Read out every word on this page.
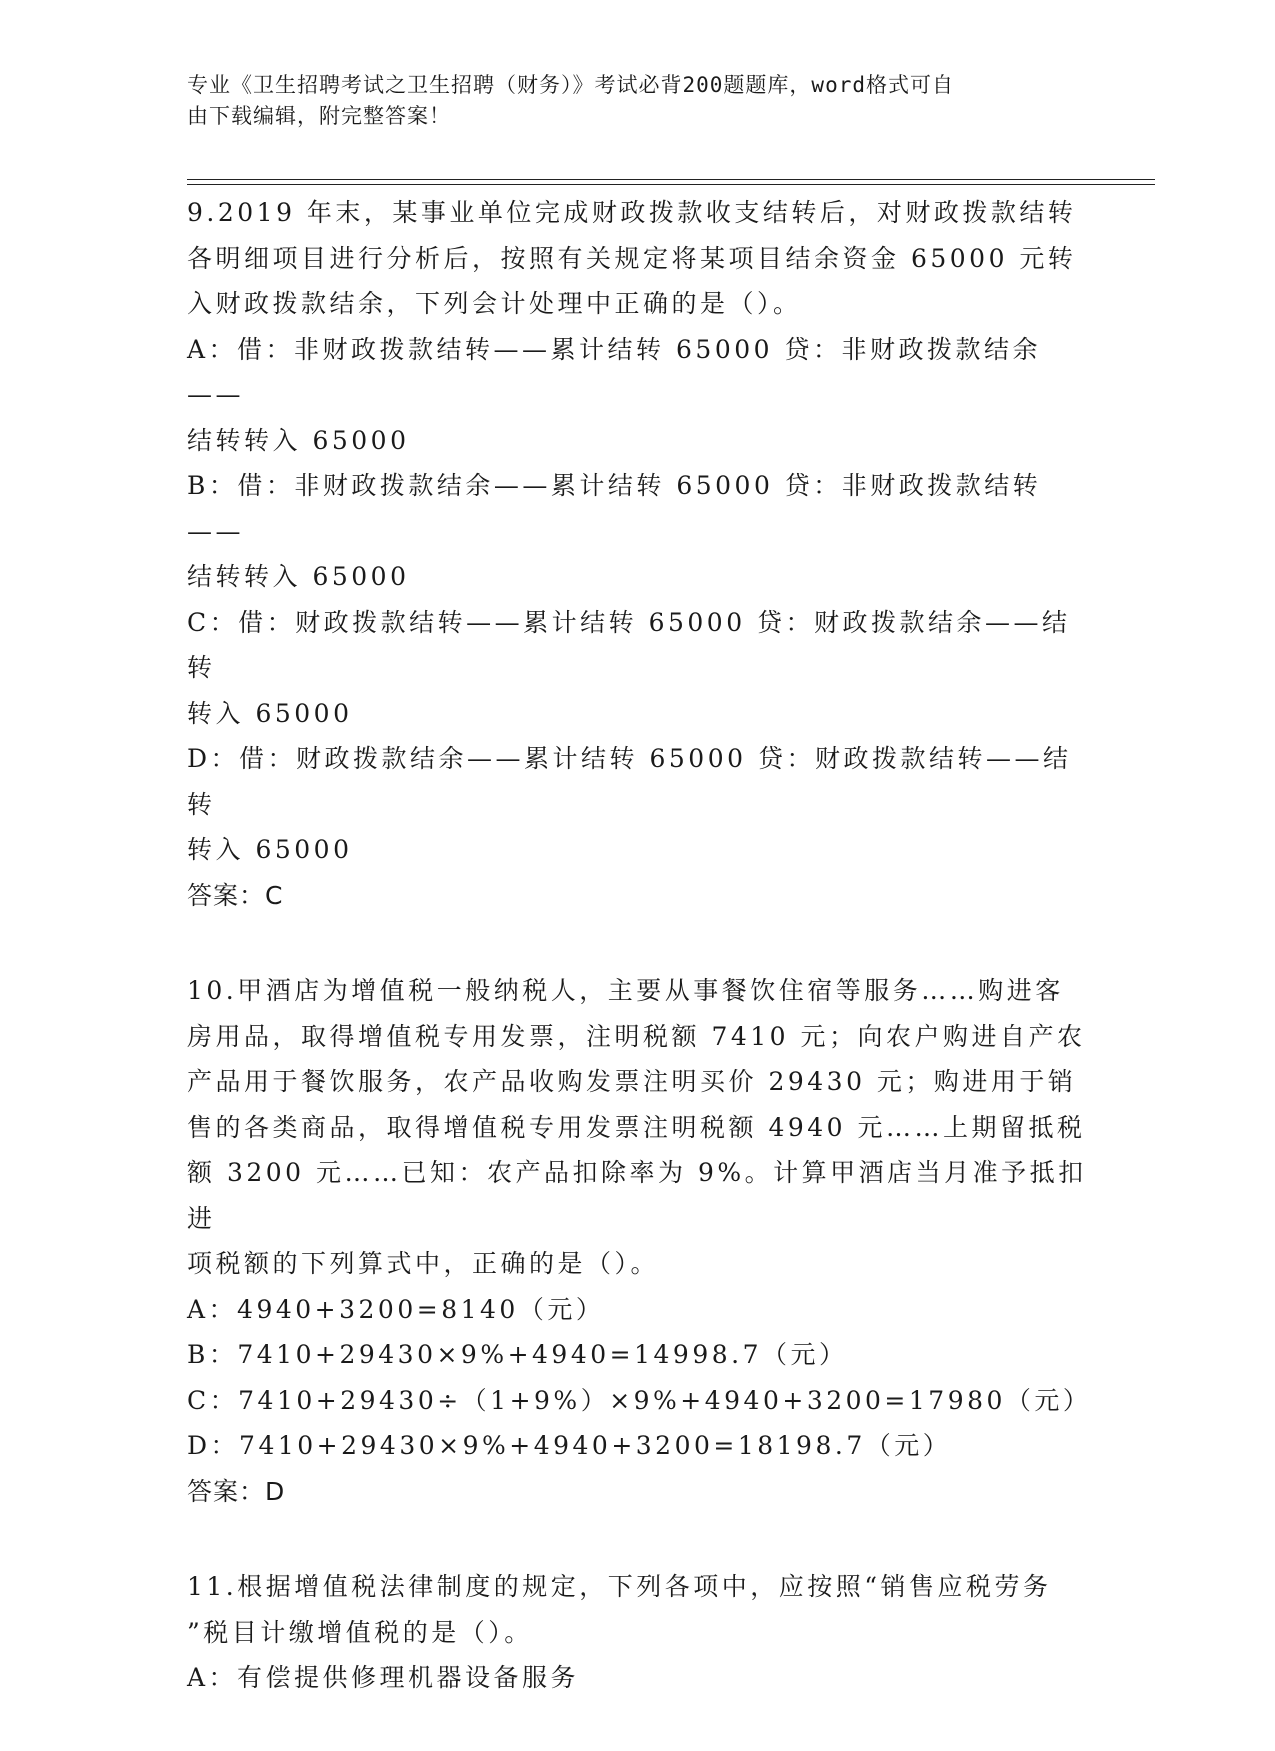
专业《卫生招聘考试之卫生招聘（财务）》考试必背200题题库，word格式可自
由下载编辑，附完整答案！
9.2019 年末，某事业单位完成财政拨款收支结转后，对财政拨款结转
各明细项目进行分析后，按照有关规定将某项目结余资金 65000 元转
入财政拨款结余，下列会计处理中正确的是（）。
A：借：非财政拨款结转——累计结转 65000 贷：非财政拨款结余——
结转转入 65000
B：借：非财政拨款结余——累计结转 65000 贷：非财政拨款结转——
结转转入 65000
C：借：财政拨款结转——累计结转 65000 贷：财政拨款结余——结转
转入 65000
D：借：财政拨款结余——累计结转 65000 贷：财政拨款结转——结转
转入 65000
答案：C
10.甲酒店为增值税一般纳税人，主要从事餐饮住宿等服务……购进客
房用品，取得增值税专用发票，注明税额 7410 元；向农户购进自产农
产品用于餐饮服务，农产品收购发票注明买价 29430 元；购进用于销
售的各类商品，取得增值税专用发票注明税额 4940 元……上期留抵税
额 3200 元……已知：农产品扣除率为 9%。计算甲酒店当月准予抵扣进
项税额的下列算式中，正确的是（）。
A：4940+3200=8140（元）
B：7410+29430×9%+4940=14998.7（元）
C：7410+29430÷（1+9%）×9%+4940+3200=17980（元）
D：7410+29430×9%+4940+3200=18198.7（元）
答案：D
11.根据增值税法律制度的规定，下列各项中，应按照“销售应税劳务
”税目计缴增值税的是（）。
A：有偿提供修理机器设备服务
